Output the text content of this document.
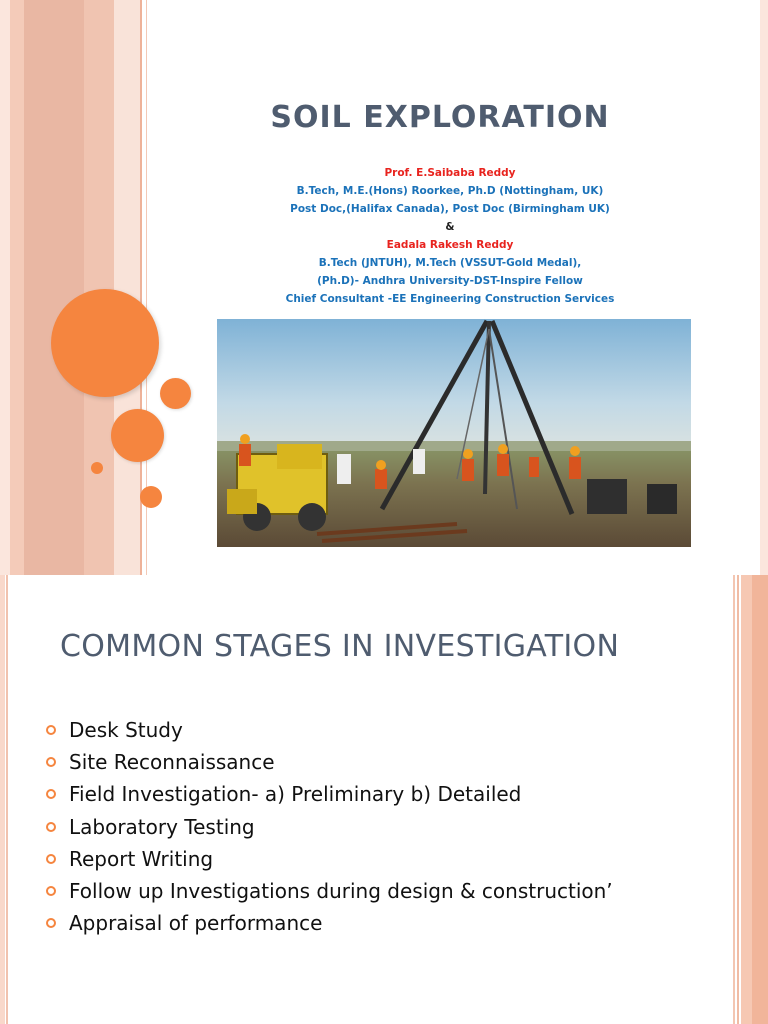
SOIL EXPLORATION
Prof. E.Saibaba Reddy
B.Tech, M.E.(Hons) Roorkee, Ph.D (Nottingham, UK)
Post Doc,(Halifax Canada), Post Doc (Birmingham UK)
&
Eadala Rakesh Reddy
B.Tech (JNTUH), M.Tech (VSSUT-Gold Medal),
(Ph.D)- Andhra University-DST-Inspire Fellow
Chief Consultant -EE Engineering Construction Services
COMMON STAGES IN INVESTIGATION
Desk Study
Site Reconnaissance
Field Investigation- a) Preliminary b) Detailed
Laboratory Testing
Report Writing
Follow up Investigations during design & construction’
Appraisal of performance
